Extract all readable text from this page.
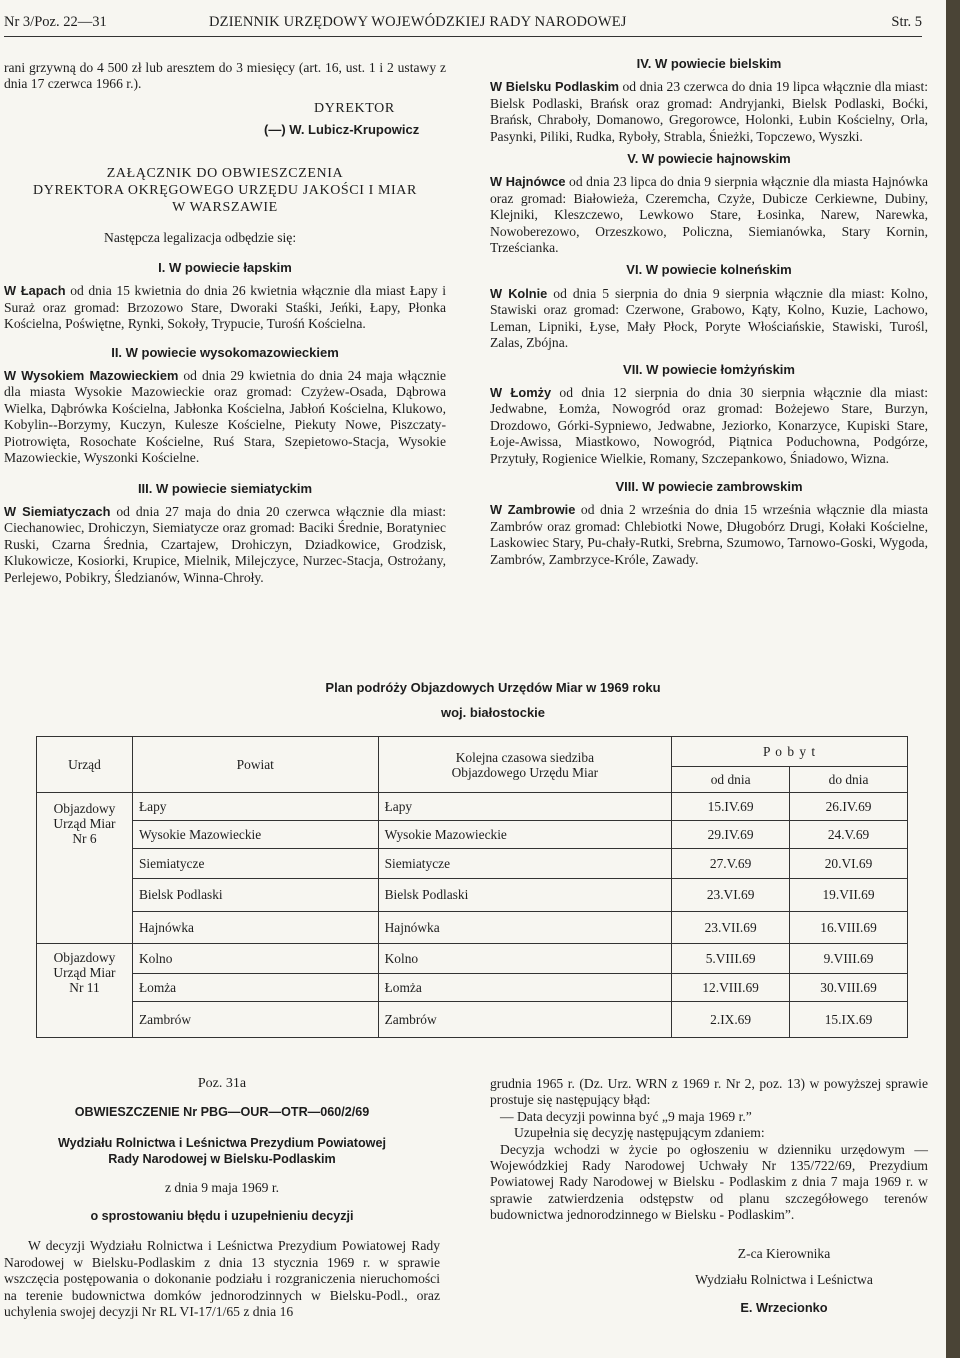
Nr 3/Poz. 22—31	DZIENNIK URZĘDOWY WOJEWÓDZKIEJ RADY NARODOWEJ	Str. 5

rani grzywną do 4 500 zł lub aresztem do 3 miesięcy (art. 16, ust. 1 i 2 ustawy z dnia 17 czerwca 1966 r.).

DYREKTOR

(—) W. Lubicz-Krupowicz

ZAŁĄCZNIK DO OBWIESZCZENIA

DYREKTORA OKRĘGOWEGO URZĘDU JAKOŚCI I MIAR

W WARSZAWIE

Następcza legalizacja odbędzie się:

I. W powiecie łapskim

W Łapach od dnia 15 kwietnia do dnia 26 kwietnia włącznie dla miast Łapy i Suraż oraz gromad: Brzozowo Stare, Dworaki Staśki, Jeńki, Łapy, Płonka Kościelna, Poświętne, Rynki, Sokoły, Trypucie, Turośń Kościelna.

II. W powiecie wysokomazowieckiem

W Wysokiem Mazowieckiem od dnia 29 kwietnia do dnia 24 maja włącznie dla miasta Wysokie Mazowieckie oraz gromad: Czyżew-Osada, Dąbrowa Wielka, Dąbrówka Kościelna, Jabłonka Kościelna, Jabłoń Kościelna, Klukowo, Kobylin--Borzymy, Kuczyn, Kulesze Kościelne, Piekuty Nowe, Piszczaty-Piotrowięta, Rosochate Kościelne, Ruś Stara, Szepietowo-Stacja, Wysokie Mazowieckie, Wyszonki Kościelne.

III. W powiecie siemiatyckim

W Siemiatyczach od dnia 27 maja do dnia 20 czerwca włącznie dla miast: Ciechanowiec, Drohiczyn, Siemiatycze oraz gromad: Baciki Średnie, Boratyniec Ruski, Czarna Średnia, Czartajew, Drohiczyn, Dziadkowice, Grodzisk, Klukowicze, Kosiorki, Krupice, Mielnik, Milejczyce, Nurzec-Stacja, Ostrożany, Perlejewo, Pobikry, Śledzianów, Winna-Chroły.

IV. W powiecie bielskim

W Bielsku Podlaskim od dnia 23 czerwca do dnia 19 lipca włącznie dla miast: Bielsk Podlaski, Brańsk oraz gromad: Andryjanki, Bielsk Podlaski, Boćki, Brańsk, Chraboły, Domanowo, Gregorowce, Holonki, Łubin Kościelny, Orla, Pasynki, Piliki, Rudka, Ryboły, Strabla, Śnieżki, Topczewo, Wyszki.

V. W powiecie hajnowskim

W Hajnówce od dnia 23 lipca do dnia 9 sierpnia włącznie dla miasta Hajnówka oraz gromad: Białowieża, Czeremcha, Czyże, Dubicze Cerkiewne, Dubiny, Klejniki, Kleszczewo, Lewkowo Stare, Łosinka, Narew, Narewka, Nowoberezowo, Orzeszkowo, Policzna, Siemianówka, Stary Kornin, Trześcianka.

VI. W powiecie kolneńskim

W Kolnie od dnia 5 sierpnia do dnia 9 sierpnia włącznie dla miast: Kolno, Stawiski oraz gromad: Czerwone, Grabowo, Kąty, Kolno, Kuzie, Lachowo, Leman, Lipniki, Łyse, Mały Płock, Poryte Włościańskie, Stawiski, Turośl, Zalas, Zbójna.

VII. W powiecie łomżyńskim

W Łomży od dnia 12 sierpnia do dnia 30 sierpnia włącznie dla miast: Jedwabne, Łomża, Nowogród oraz gromad: Bożejewo Stare, Burzyn, Drozdowo, Górki-Sypniewo, Jedwabne, Jeziorko, Konarzyce, Kupiski Stare, Łoje-Awissa, Miastkowo, Nowogród, Piątnica Poduchowna, Podgórze, Przytuły, Rogienice Wielkie, Romany, Szczepankowo, Śniadowo, Wizna.

VIII. W powiecie zambrowskim

W Zambrowie od dnia 2 września do dnia 15 września włącznie dla miasta Zambrów oraz gromad: Chlebiotki Nowe, Długobórz Drugi, Kołaki Kościelne, Laskowiec Stary, Pu-chały-Rutki, Srebrna, Szumowo, Tarnowo-Goski, Wygoda, Zambrów, Zambrzyce-Króle, Zawady.

Plan podróży Objazdowych Urzędów Miar w 1969 roku

woj. białostockie

Urząd	Powiat	Kolejna czasowa siedziba
Objazdowego Urzędu Miar	P o b y t	
			od dnia	do dnia
Objazdowy
Urząd Miar
Nr 6	Łapy	Łapy	15.IV.69	26.IV.69
	Wysokie Mazowieckie	Wysokie Mazowieckie	29.IV.69	24.V.69
	Siemiatycze	Siemiatycze	27.V.69	20.VI.69
	Bielsk Podlaski	Bielsk Podlaski	23.VI.69	19.VII.69
	Hajnówka	Hajnówka	23.VII.69	16.VIII.69
Objazdowy
Urząd Miar
Nr 11	Kolno	Kolno	5.VIII.69	9.VIII.69
	Łomża	Łomża	12.VIII.69	30.VIII.69
	Zambrów	Zambrów	2.IX.69	15.IX.69

Poz. 31a

OBWIESZCZENIE Nr PBG—OUR—OTR—060/2/69

Wydziału Rolnictwa i Leśnictwa Prezydium Powiatowej

Rady Narodowej w Bielsku-Podlaskim

z dnia 9 maja 1969 r.

o sprostowaniu błędu i uzupełnieniu decyzji

W decyzji Wydziału Rolnictwa i Leśnictwa Prezydium Powiatowej Rady Narodowej w Bielsku-Podlaskim z dnia 13 stycznia 1969 r. w sprawie wszczęcia postępowania o dokonanie podziału i rozgraniczenia nieruchomości na terenie budownictwa domków jednorodzinnych w Bielsku-Podl., oraz uchylenia swojej decyzji Nr RL VI-17/1/65 z dnia 16

grudnia 1965 r. (Dz. Urz. WRN z 1969 r. Nr 2, poz. 13) w powyższej sprawie prostuje się następujący błąd:

— Data decyzji powinna być „9 maja 1969 r.”

Uzupełnia się decyzję następującym zdaniem:

Decyzja wchodzi w życie po ogłoszeniu w dzienniku urzędowym — Wojewódzkiej Rady Narodowej Uchwały Nr 135/722/69, Prezydium Powiatowej Rady Narodowej w Bielsku - Podlaskim z dnia 7 maja 1969 r. w sprawie zatwierdzenia odstępstw od planu szczegółowego terenów budownictwa jednorodzinnego w Bielsku - Podlaskim”.

Z-ca Kierownika

Wydziału Rolnictwa i Leśnictwa

E. Wrzecionko
